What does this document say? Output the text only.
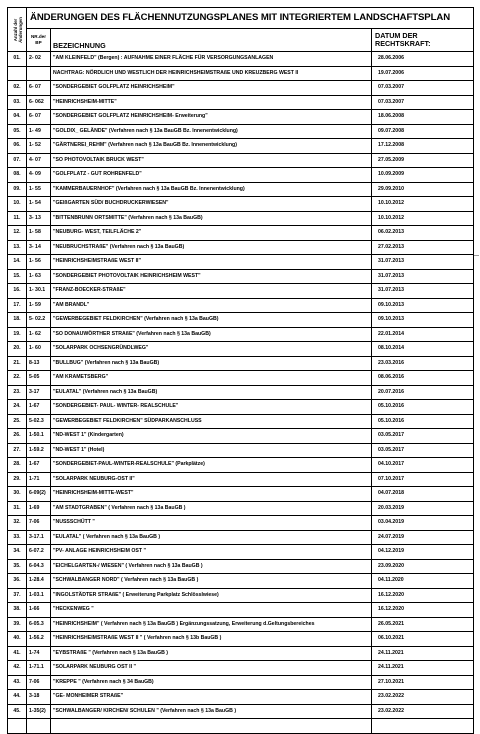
Anzahl der
Änderungen	ÄNDERUNGEN DES FLÄCHENNUTZUNGSPLANES MIT INTEGRIERTEM LANDSCHAFTSPLAN		
	NR.der
BP	BEZEICHNUNG	DATUM DER
RECHTSKRAFT:
01.	2- 02	"AM KLEINFELD" (Bergen) : AUFNAHME EINER FLÄCHE FÜR VERSORGUNGSANLAGEN	28.06.2006
		NACHTRAG: NÖRDLICH UND WESTLICH DER HEINRICHSHEIMSTRAßE UND KREUZBERG WEST II	19.07.2006
02.	6- 07	"SONDERGEBIET GOLFPLATZ HEINRICHSHEIM"	07.03.2007
03.	6- 062	"HEINRICHSHEIM-MITTE"	07.03.2007
04.	6- 07	"SONDERGEBIET GOLFPLATZ HEINRICHSHEIM- Erweiterung"	18.06.2008
05.	1- 49	"GOLDIX_ GELÄNDE" (Verfahren nach § 13a BauGB Bz. Innenentwicklung)	09.07.2008
06.	1- 52	"GÄRTNEREI_REHM" (Verfahren nach § 13a BauGB Bz. Innenentwicklung)	17.12.2008
07.	4- 07	"SO PHOTOVOLTAIK BRUCK WEST"	27.05.2009
08.	4- 09	"GOLFPLATZ - GUT ROHRENFELD"	10.09.2009
09.	1- 55	"KAMMERBAUERNHOF" (Verfahren nach § 13a BauGB Bz. Innenentwicklung)	29.09.2010
10.	1- 54	"GEIßGARTEN SÜD/ BUCHDRUCKERWIESEN"	10.10.2012
11.	3- 13	"BITTENBRUNN ORTSMITTE" (Verfahren nach § 13a BauGB)	10.10.2012
12.	1- 58	"NEUBURG- WEST, TEILFLÄCHE 2"	06.02.2013
13.	3- 14	"NEUBRUCHSTRAßE" (Verfahren nach § 13a BauGB)	27.02.2013
14.	1- 56	"HEINRICHSHEIMSTRAßE WEST II"	31.07.2013
15.	1- 63	"SONDERGEBIET PHOTOVOLTAIK HEINRICHSHEIM WEST"	31.07.2013
16.	1- 30.1	"FRANZ-BOECKER-STRAßE"	31.07.2013
17.	1- 59	"AM BRANDL"	09.10.2013
18.	5- 02.2	"GEWERBEGEBIET FELDKIRCHEN" (Verfahren nach § 13a BauGB)	09.10.2013
19.	1- 62	"SO DONAUWÖRTHER STRAßE" (Verfahren nach § 13a BauGB)	22.01.2014
20.	1- 60	"SOLARPARK OCHSENGRÜNDLWEG"	08.10.2014
21.	8-13	"BULLBUG" (Verfahren nach § 13a BauGB)	23.03.2016
22.	5-05	"AM KRAMETSBERG"	08.06.2016
23.	3-17	"EULATAL" (Verfahren nach § 13a BauGB)	20.07.2016
24.	1-67	"SONDERGEBIET- PAUL- WINTER- REALSCHULE"	05.10.2016
25.	5-02.3	"GEWERBEGEBIET FELDKIRCHEN" SÜDPARKANSCHLUSS	05.10.2016
26.	1-50.1	"ND-WEST 1" (Kindergarten)	03.05.2017
27.	1-59.2	"ND-WEST 1" (Hotel)	03.05.2017
28.	1-67	"SONDERGEBIET-PAUL-WINTER-REALSCHULE" (Parkplätze)	04.10.2017
29.	1-71	"SOLARPARK NEUBURG-OST II"	07.10.2017
30.	6-09(2)	"HEINRICHSHEIM-MITTE-WEST"	04.07.2018
31.	1-69	"AM STADTGRABEN" ( Verfahren nach § 13a BauGB )	20.03.2019
32.	7-06	"NUSSSCHÜTT "	03.04.2019
33.	3-17.1	"EULATAL" ( Verfahren nach § 13a BauGB )	24.07.2019
34.	6-07.2	"PV- ANLAGE HEINRICHSHEIM OST "	04.12.2019
35.	6-04.3	"EICHELGARTEN-/ WIESEN" ( Verfahren nach § 13a BauGB )	23.09.2020
36.	1-28.4	"SCHWALBANGER NORD" ( Verfahren nach § 13a BauGB )	04.11.2020
37.	1-03.1	"INGOLSTÄDTER STRAßE" ( Erweiterung Parkplatz Schlösslwiese)	16.12.2020
38.	1-66	"HECKENWEG "	16.12.2020
39.	6-05.3	"HEINRICHSHEIM" ( Verfahren nach § 13a BauGB ) Ergänzungssatzung, Erweiterung d.Geltungsbereiches	26.05.2021
40.	1-56.2	"HEINRICHSHEIMSTRAßE WEST II " ( Verfahren nach § 13b BauGB )	06.10.2021
41.	1-74	"EYBSTRAßE " (Verfahren nach § 13a BauGB )	24.11.2021
42.	1-71.1	"SOLARPARK NEUBURG OST II "	24.11.2021
43.	7-06	"KREPPE " (Verfahren nach § 34 BauGB)	27.10.2021
44.	3-18	"GE- MONHEIMER STRAßE"	23.02.2022
45.	1-35(2)	"SCHWALBANGER/ KIRCHEN/ SCHULEN " (Verfahren nach § 13a BauGB )	23.02.2022
